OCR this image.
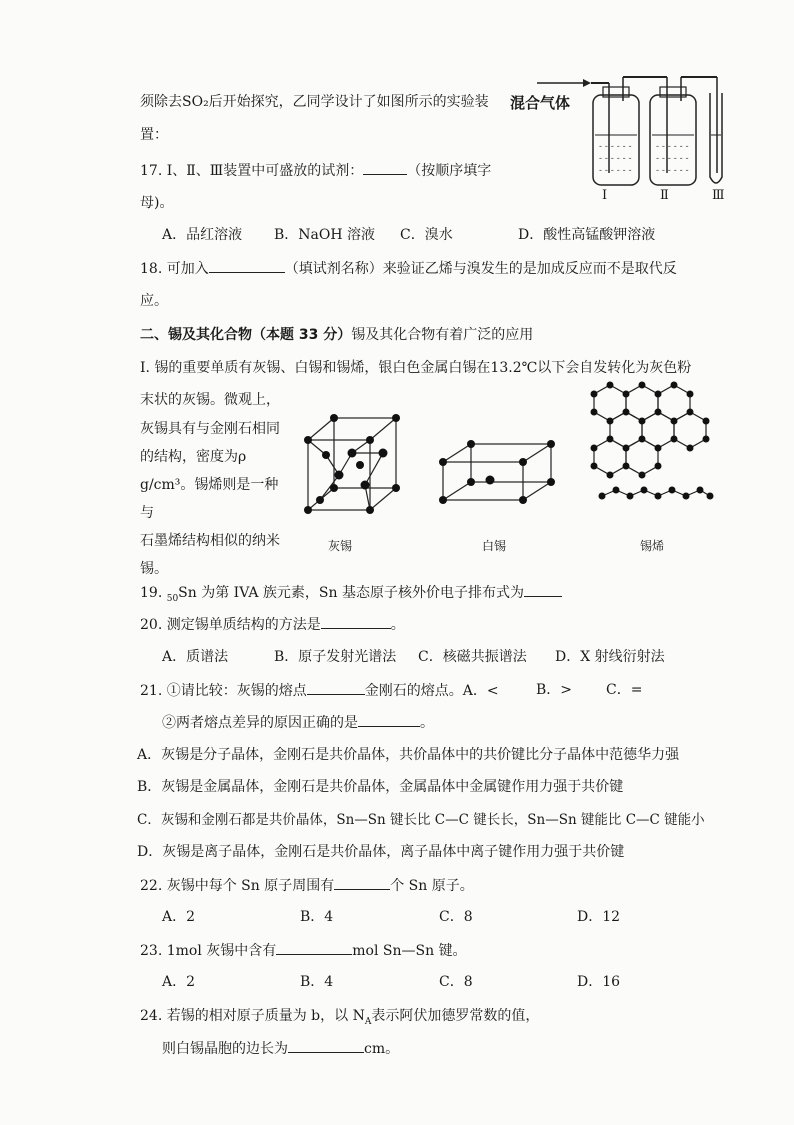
须除去SO₂后开始探究，乙同学设计了如图所示的实验装
置：
- - - - - -
- - - - - -
- - - - - -
- - - - - -
- - - - - -
- - - - - -
混合气体
Ⅰ	Ⅱ	Ⅲ
17. Ⅰ、Ⅱ、Ⅲ装置中可盛放的试剂：	（按顺序填字
母)。
A．品红溶液 B．NaOH 溶液 C．溴水	D．酸性高锰酸钾溶液
18. 可加入	（填试剂名称）来验证乙烯与溴发生的是加成反应而不是取代反
应。
二、锡及其化合物（本题 33 分）锡及其化合物有着广泛的应用
Ⅰ. 锡的重要单质有灰锡、白锡和锡烯，银白色金属白锡在13.2℃以下会自发转化为灰色粉
末状的灰锡。微观上，
灰锡具有与金刚石相同
的结构，密度为ρ
g/cm³。锡烯则是一种与
石墨烯结构相似的纳米
锡。
灰锡	白锡	锡烯
19. $_{50}$Sn 为第 IVA 族元素，Sn 基态原子核外价电子排布式为
20. 测定锡单质结构的方法是	。
A．质谱法	B．原子发射光谱法 C．核磁共振谱法 D．X 射线衍射法
21. ①请比较：灰锡的熔点	金刚石的熔点。A．<	B．> C．=
②两者熔点差异的原因正确的是	。
A．灰锡是分子晶体，金刚石是共价晶体，共价晶体中的共价键比分子晶体中范德华力强
B．灰锡是金属晶体，金刚石是共价晶体，金属晶体中金属键作用力强于共价键
C．灰锡和金刚石都是共价晶体，Sn—Sn 键长比 C—C 键长长，Sn—Sn 键能比 C—C 键能小
D．灰锡是离子晶体，金刚石是共价晶体，离子晶体中离子键作用力强于共价键
22. 灰锡中每个 Sn 原子周围有	个 Sn 原子。
A．2	B．4	C．8	D．12
23. 1mol 灰锡中含有	mol Sn—Sn 键。
A．2	B．4	C．8	D．16
24. 若锡的相对原子质量为 b，以 $N_A$表示阿伏加德罗常数的值，
则白锡晶胞的边长为	cm。
